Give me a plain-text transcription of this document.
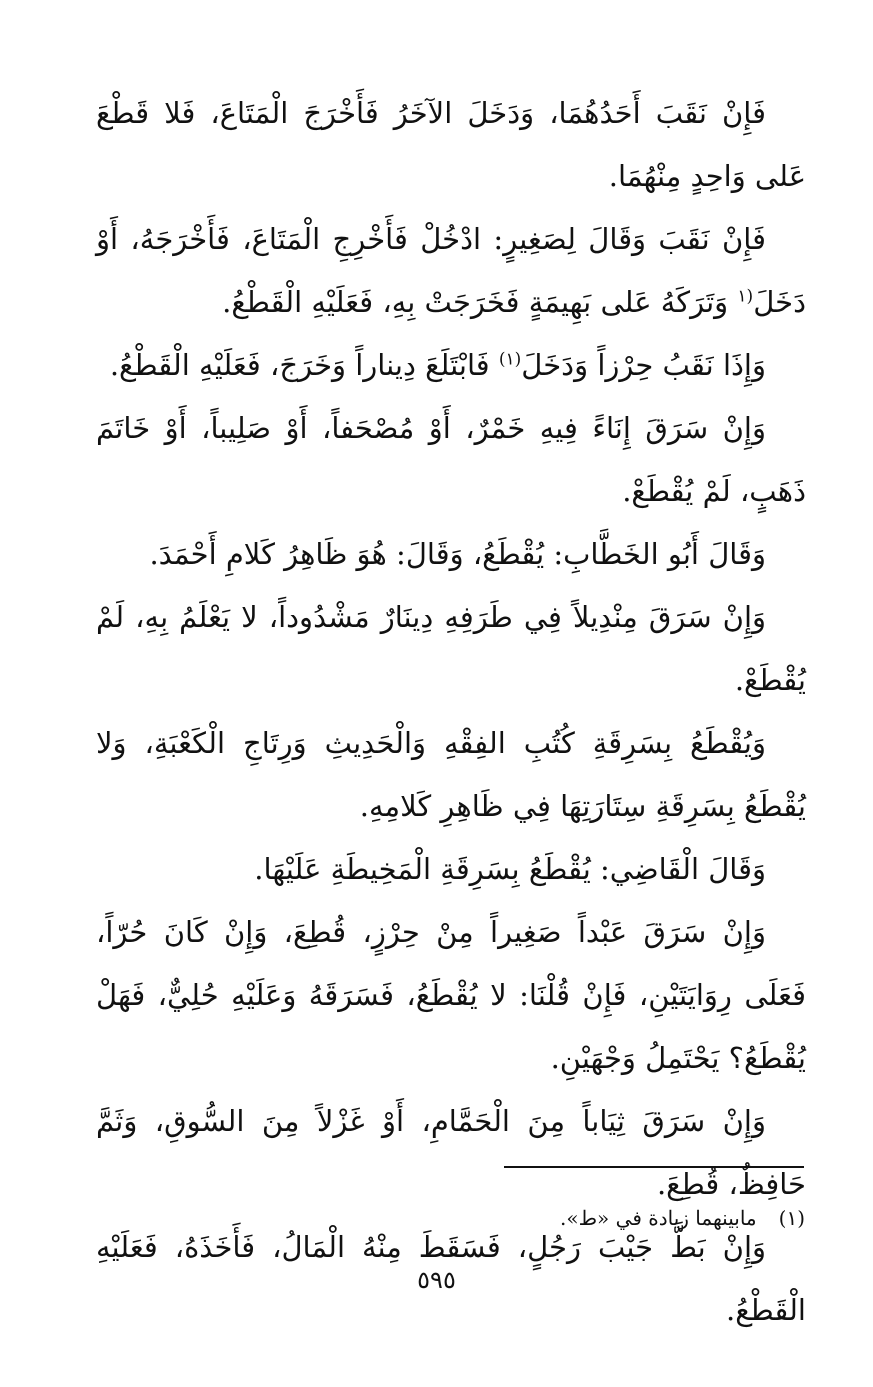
فَإِنْ نَقَبَ أَحَدُهُمَا، وَدَخَلَ الآخَرُ فَأَخْرَجَ الْمَتَاعَ، فَلا قَطْعَ عَلى وَاحِدٍ مِنْهُمَا.

فَإِنْ نَقَبَ وَقَالَ لِصَغِيرٍ: ادْخُلْ فَأَخْرِجِ الْمَتَاعَ، فَأَخْرَجَهُ، أَوْ دَخَلَ$^{(١}$ وَتَرَكَهُ عَلى بَهِيمَةٍ فَخَرَجَتْ بِهِ، فَعَلَيْهِ الْقَطْعُ.

وَإِذَا نَقَبُ حِرْزاً وَدَخَلَ$^{(١)}$ فَابْتَلَعَ دِيناراً وَخَرَجَ، فَعَلَيْهِ الْقَطْعُ.

وَإِنْ سَرَقَ إِنَاءً فِيهِ خَمْرٌ، أَوْ مُصْحَفاً، أَوْ صَلِيباً، أَوْ خَاتَمَ ذَهَبٍ، لَمْ يُقْطَعْ.

وَقَالَ أَبُو الخَطَّابِ: يُقْطَعُ، وَقَالَ: هُوَ ظَاهِرُ كَلامِ أَحْمَدَ.

وَإِنْ سَرَقَ مِنْدِيلاً فِي طَرَفِهِ دِينَارٌ مَشْدُوداً، لا يَعْلَمُ بِهِ، لَمْ يُقْطَعْ.

وَيُقْطَعُ بِسَرِقَةِ كُتُبِ الفِقْهِ وَالْحَدِيثِ وَرِتَاجِ الْكَعْبَةِ، وَلا يُقْطَعُ بِسَرِقَةِ سِتَارَتِهَا فِي ظَاهِرِ كَلامِهِ.

وَقَالَ الْقَاضِي: يُقْطَعُ بِسَرِقَةِ الْمَخِيطَةِ عَلَيْهَا.

وَإِنْ سَرَقَ عَبْداً صَغِيراً مِنْ حِرْزٍ، قُطِعَ، وَإِنْ كَانَ حُرّاً، فَعَلَى رِوَايَتَيْنِ، فَإِنْ قُلْنَا: لا يُقْطَعُ، فَسَرَقَهُ وَعَلَيْهِ حُلِيٌّ، فَهَلْ يُقْطَعُ؟ يَحْتَمِلُ وَجْهَيْنِ.

وَإِنْ سَرَقَ ثِيَاباً مِنَ الْحَمَّامِ، أَوْ غَزْلاً مِنَ السُّوقِ، وَثَمَّ حَافِظٌ، قُطِعَ.

وَإِنْ بَطَّ جَيْبَ رَجُلٍ، فَسَقَطَ مِنْهُ الْمَالُ، فَأَخَذَهُ، فَعَلَيْهِ الْقَطْعُ.

(١)مابينهما زيادة في «ط».
٥٩٥
